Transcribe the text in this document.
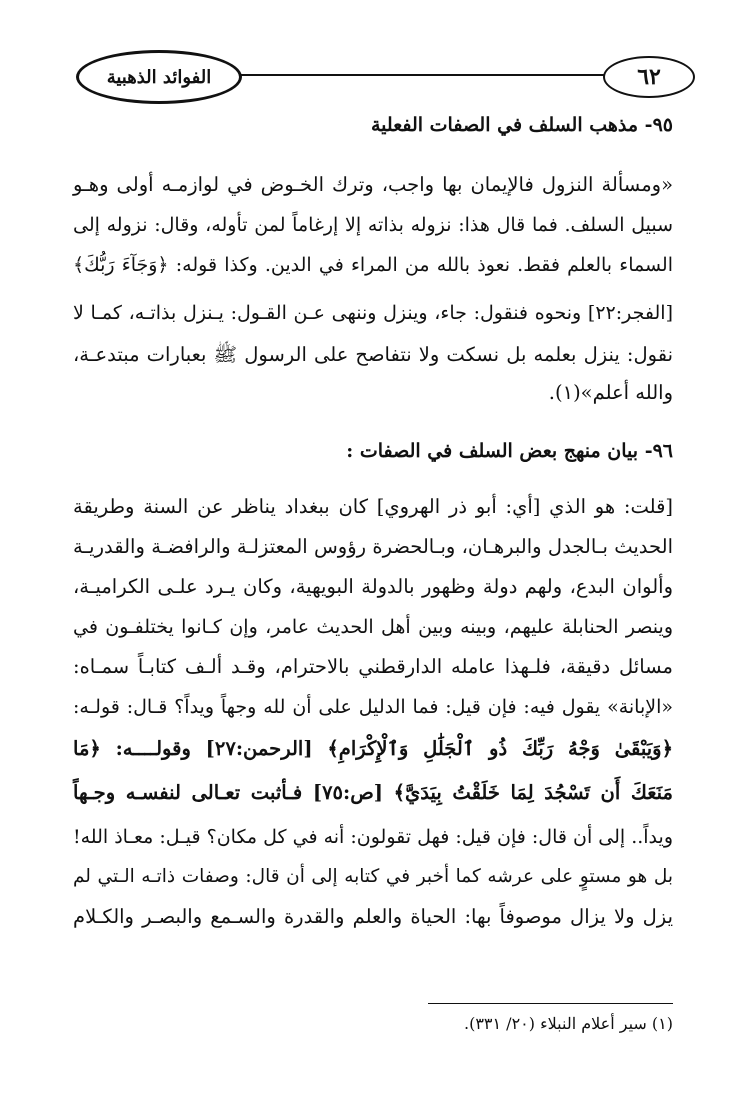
٦٢
الفوائد الذهبية
٩٥- مذهب السلف في الصفات الفعلية
«ومسألة النزول فالإيمان بها واجب، وترك الخـوض في لوازمـه أولى وهـو
سبيل السلف. فما قال هذا: نزوله بذاته إلا إرغاماً لمن تأوله، وقال: نزوله إلى
السماء بالعلم فقط. نعوذ بالله من المراء في الدين. وكذا قوله: ﴿وَجَآءَ رَبُّكَ﴾
[الفجر:٢٢] ونحوه فنقول: جاء، وينزل وننهى عـن القـول: يـنزل بذاتـه، كمـا لا
نقول: ينزل بعلمه بل نسكت ولا نتفاصح على الرسول ﷺ بعبارات مبتدعـة،
والله أعلم»(١).
٩٦- بيان منهج بعض السلف في الصفات :
[قلت: هو الذي [أي: أبو ذر الهروي] كان ببغداد يناظر عن السنة وطريقة
الحديث بـالجدل والبرهـان، وبـالحضرة رؤوس المعتزلـة والرافضـة والقدريـة
وألوان البدع، ولهم دولة وظهور بالدولة البويهية، وكان يـرد علـى الكراميـة،
وينصر الحنابلة عليهم، وبينه وبين أهل الحديث عامر، وإن كـانوا يختلفـون في
مسائل دقيقة، فلـهذا عامله الدارقطني بالاحترام، وقـد ألـف كتابـاً سمـاه:
«الإبانة» يقول فيه: فإن قيل: فما الدليل على أن لله وجهاً ويداً؟ قـال: قولـه:
﴿وَيَبْقَىٰ وَجْهُ رَبِّكَ ذُو ٱلْجَلَٰلِ وَٱلْإِكْرَامِ﴾ [الرحمن:٢٧] وقولــــه: ﴿مَا
مَنَعَكَ أَن تَسْجُدَ لِمَا خَلَقْتُ بِيَدَيَّ﴾ [ص:٧٥] فـأثبت تعـالى لنفسـه وجـهاً
ويداً.. إلى أن قال: فإن قيل: فهل تقولون: أنه في كل مكان؟ قيـل: معـاذ الله!
بل هو مستوٍ على عرشه كما أخبر في كتابه إلى أن قال: وصفات ذاتـه الـتي لم
يزل ولا يزال موصوفاً بها: الحياة والعلم والقدرة والسـمع والبصـر والكـلام
(١) سير أعلام النبلاء (٢٠/ ٣٣١).
